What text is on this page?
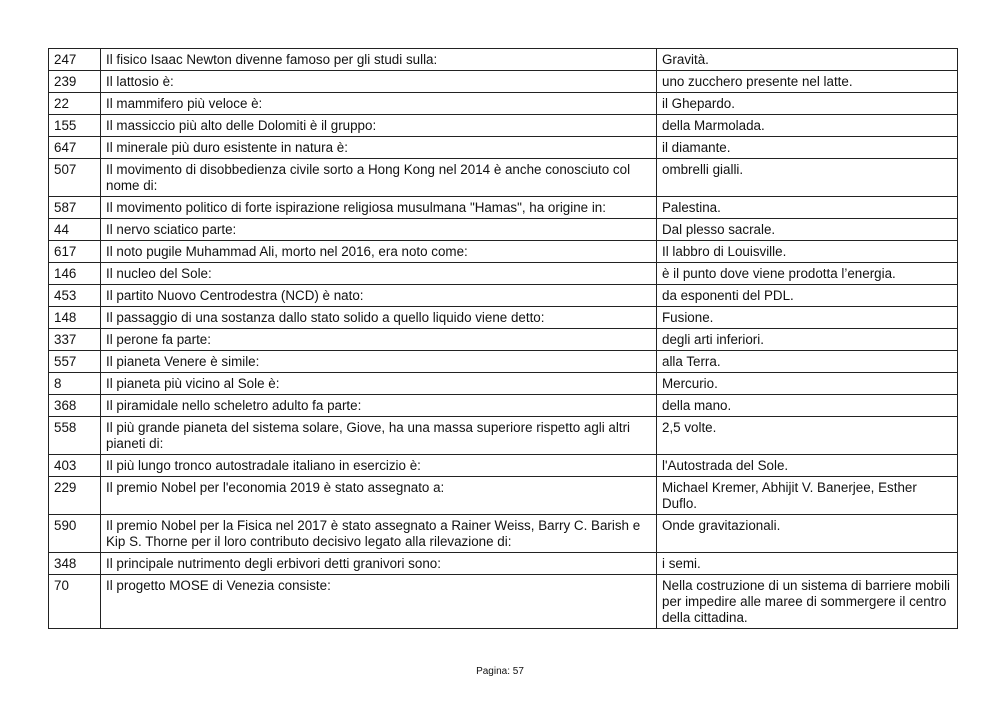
247	Il fisico Isaac Newton divenne famoso per gli studi sulla:	Gravità.
239	Il lattosio è:	uno zucchero presente nel latte.
22	Il mammifero più veloce è:	il Ghepardo.
155	Il massiccio più alto delle Dolomiti è il gruppo:	della Marmolada.
647	Il minerale più duro esistente in natura è:	il diamante.
507	Il movimento di disobbedienza civile sorto a Hong Kong nel 2014 è anche conosciuto col nome di:	ombrelli gialli.
587	Il movimento politico di forte ispirazione religiosa musulmana "Hamas", ha origine in:	Palestina.
44	Il nervo sciatico parte:	Dal plesso sacrale.
617	Il noto pugile Muhammad Ali, morto nel 2016, era noto come:	Il labbro di Louisville.
146	Il nucleo del Sole:	è il punto dove viene prodotta l’energia.
453	Il partito Nuovo Centrodestra (NCD) è nato:	da esponenti del PDL.
148	Il passaggio di una sostanza dallo stato solido a quello liquido viene detto:	Fusione.
337	Il perone fa parte:	degli arti inferiori.
557	Il pianeta Venere è simile:	alla Terra.
8	Il pianeta più vicino al Sole è:	Mercurio.
368	Il piramidale nello scheletro adulto fa parte:	della mano.
558	Il più grande pianeta del sistema solare, Giove, ha una massa superiore rispetto agli altri pianeti di:	2,5 volte.
403	Il più lungo tronco autostradale italiano in esercizio è:	l'Autostrada del Sole.
229	Il premio Nobel per l'economia 2019 è stato assegnato a:	Michael Kremer, Abhijit V. Banerjee, Esther Duflo.
590	Il premio Nobel per la Fisica nel 2017 è stato assegnato a Rainer Weiss, Barry C. Barish e Kip S. Thorne per il loro contributo decisivo legato alla rilevazione di:	Onde gravitazionali.
348	Il principale nutrimento degli erbivori detti granivori sono:	i semi.
70	Il progetto MOSE di Venezia consiste:	Nella costruzione di un sistema di barriere mobili per impedire alle maree di sommergere il centro della cittadina.
Pagina: 57
